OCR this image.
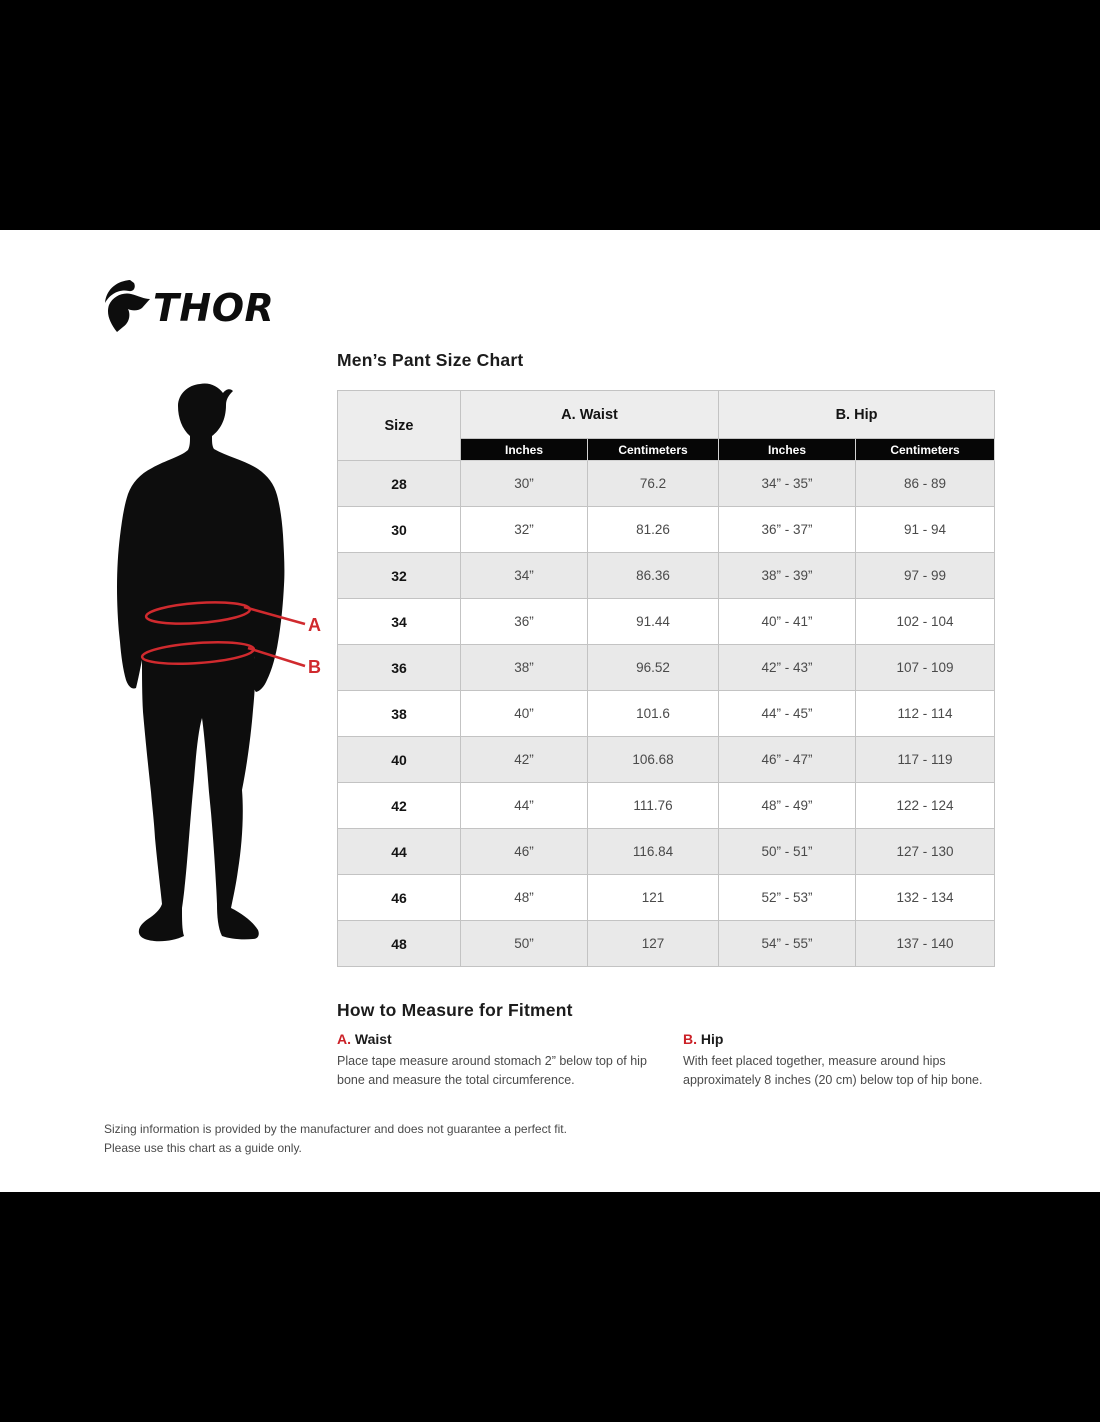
THOR
Men’s Pant Size Chart
A
B
Size	A. Waist		B. Hip	
	Inches	Centimeters	Inches	Centimeters
28	30”	76.2	34” - 35”	86 - 89
30	32”	81.26	36” - 37”	91 - 94
32	34”	86.36	38” - 39”	97 - 99
34	36”	91.44	40” - 41”	102 - 104
36	38”	96.52	42” - 43”	107 - 109
38	40”	101.6	44” - 45”	112 - 114
40	42”	106.68	46” - 47”	117 - 119
42	44”	111.76	48” - 49”	122 - 124
44	46”	116.84	50” - 51”	127 - 130
46	48”	121	52” - 53”	132 - 134
48	50”	127	54” - 55”	137 - 140
How to Measure for Fitment
A. Waist
Place tape measure around stomach 2” below top of hip bone and measure the total circumference.
B. Hip
With feet placed together, measure around hips approximately 8 inches (20 cm) below top of hip bone.
Sizing information is provided by the manufacturer and does not guarantee a perfect fit.
Please use this chart as a guide only.
